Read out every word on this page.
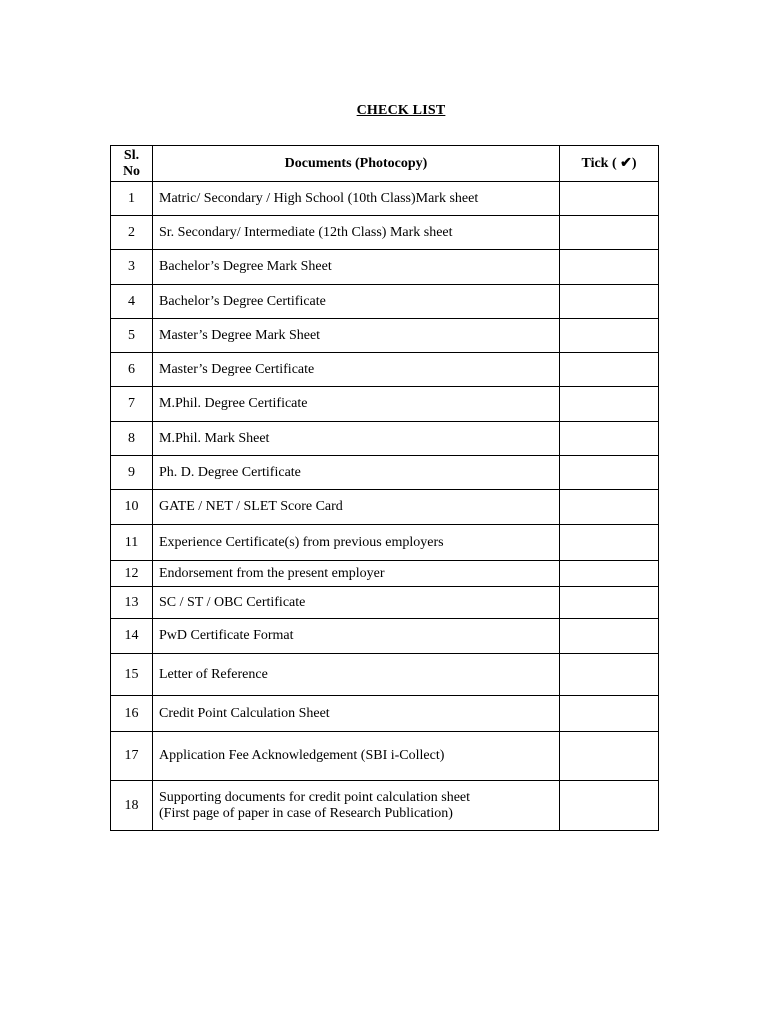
CHECK LIST
Sl.
No	Documents (Photocopy)	Tick ( ✔)
1	Matric/ Secondary / High School (10th Class)Mark sheet	
2	Sr. Secondary/ Intermediate (12th Class) Mark sheet	
3	Bachelor’s Degree Mark Sheet	
4	Bachelor’s Degree Certificate	
5	Master’s Degree Mark Sheet	
6	Master’s Degree Certificate	
7	M.Phil. Degree Certificate	
8	M.Phil. Mark Sheet	
9	Ph. D. Degree Certificate	
10	GATE / NET / SLET Score Card	
11	Experience Certificate(s) from previous employers	
12	Endorsement from the present employer	
13	SC / ST / OBC Certificate	
14	PwD Certificate Format	
15	Letter of Reference	
16	Credit Point Calculation Sheet	
17	Application Fee Acknowledgement (SBI i-Collect)	
18	Supporting documents for credit point calculation sheet
(First page of paper in case of Research Publication)	
